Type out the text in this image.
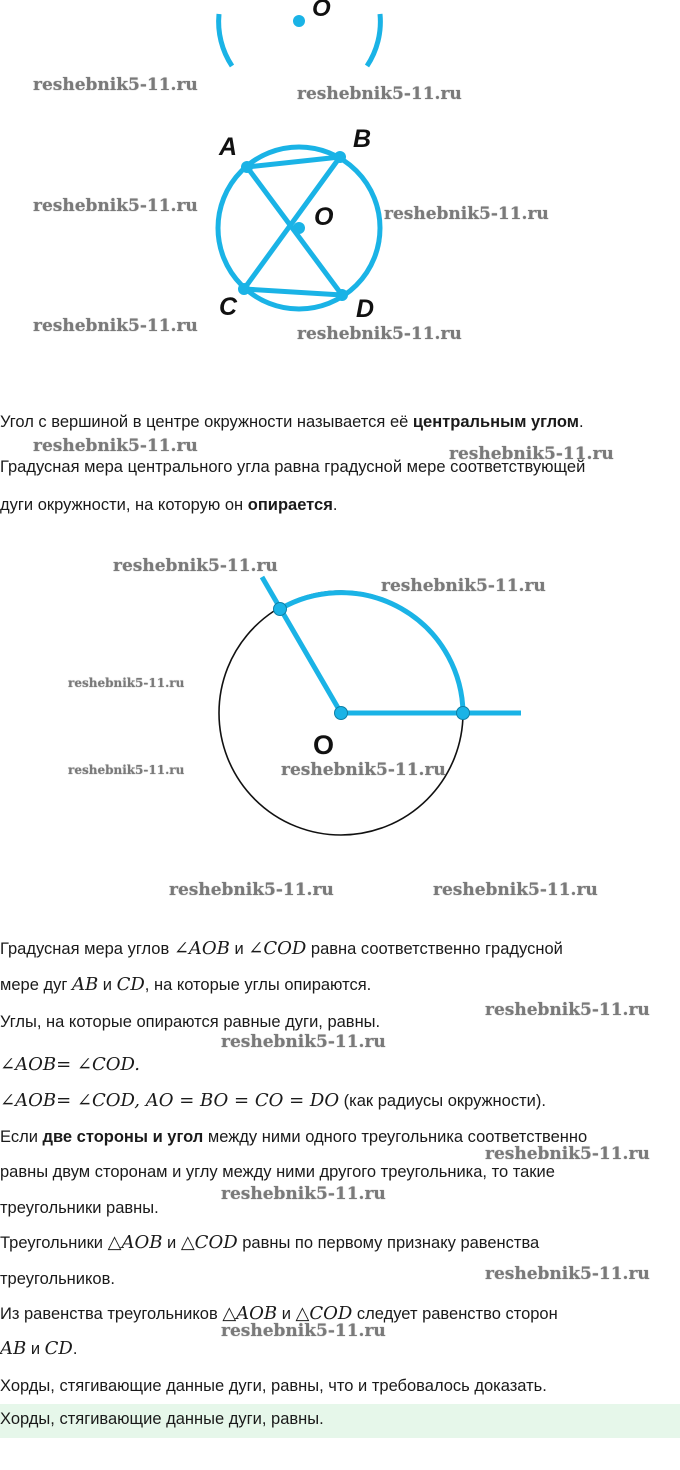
O
A	B
C	D
O
Угол с вершиной в центре окружности называется её центральным углом.
Градусная мера центрального угла равна градусной мере соответствующей
дуги окружности, на которую он опирается.
O
Градусная мера углов ∠AOB и ∠COD равна соответственно градусной
мере дуг AB и CD, на которые углы опираются.
Углы, на которые опираются равные дуги, равны.
∠AOB= ∠COD.
∠AOB= ∠COD, AO = BO = CO = DO (как радиусы окружности).
Если две стороны и угол между ними одного треугольника соответственно
равны двум сторонам и углу между ними другого треугольника, то такие
треугольники равны.
Треугольники △AOB и △COD равны по первому признаку равенства
треугольников.
Из равенства треугольников △AOB и △COD следует равенство сторон
AB и CD.
Хорды, стягивающие данные дуги, равны, что и требовалось доказать.
Хорды, стягивающие данные дуги, равны.
reshebnik5-11.ru	reshebnik5-11.ru
reshebnik5-11.ru	reshebnik5-11.ru
reshebnik5-11.ru	reshebnik5-11.ru
reshebnik5-11.ru	reshebnik5-11.ru
reshebnik5-11.ru
reshebnik5-11.ru
reshebnik5-11.ru
reshebnik5-11.ru	reshebnik5-11.ru
reshebnik5-11.ru	reshebnik5-11.ru
reshebnik5-11.ru
reshebnik5-11.ru
reshebnik5-11.ru
reshebnik5-11.ru
reshebnik5-11.ru
reshebnik5-11.ru
